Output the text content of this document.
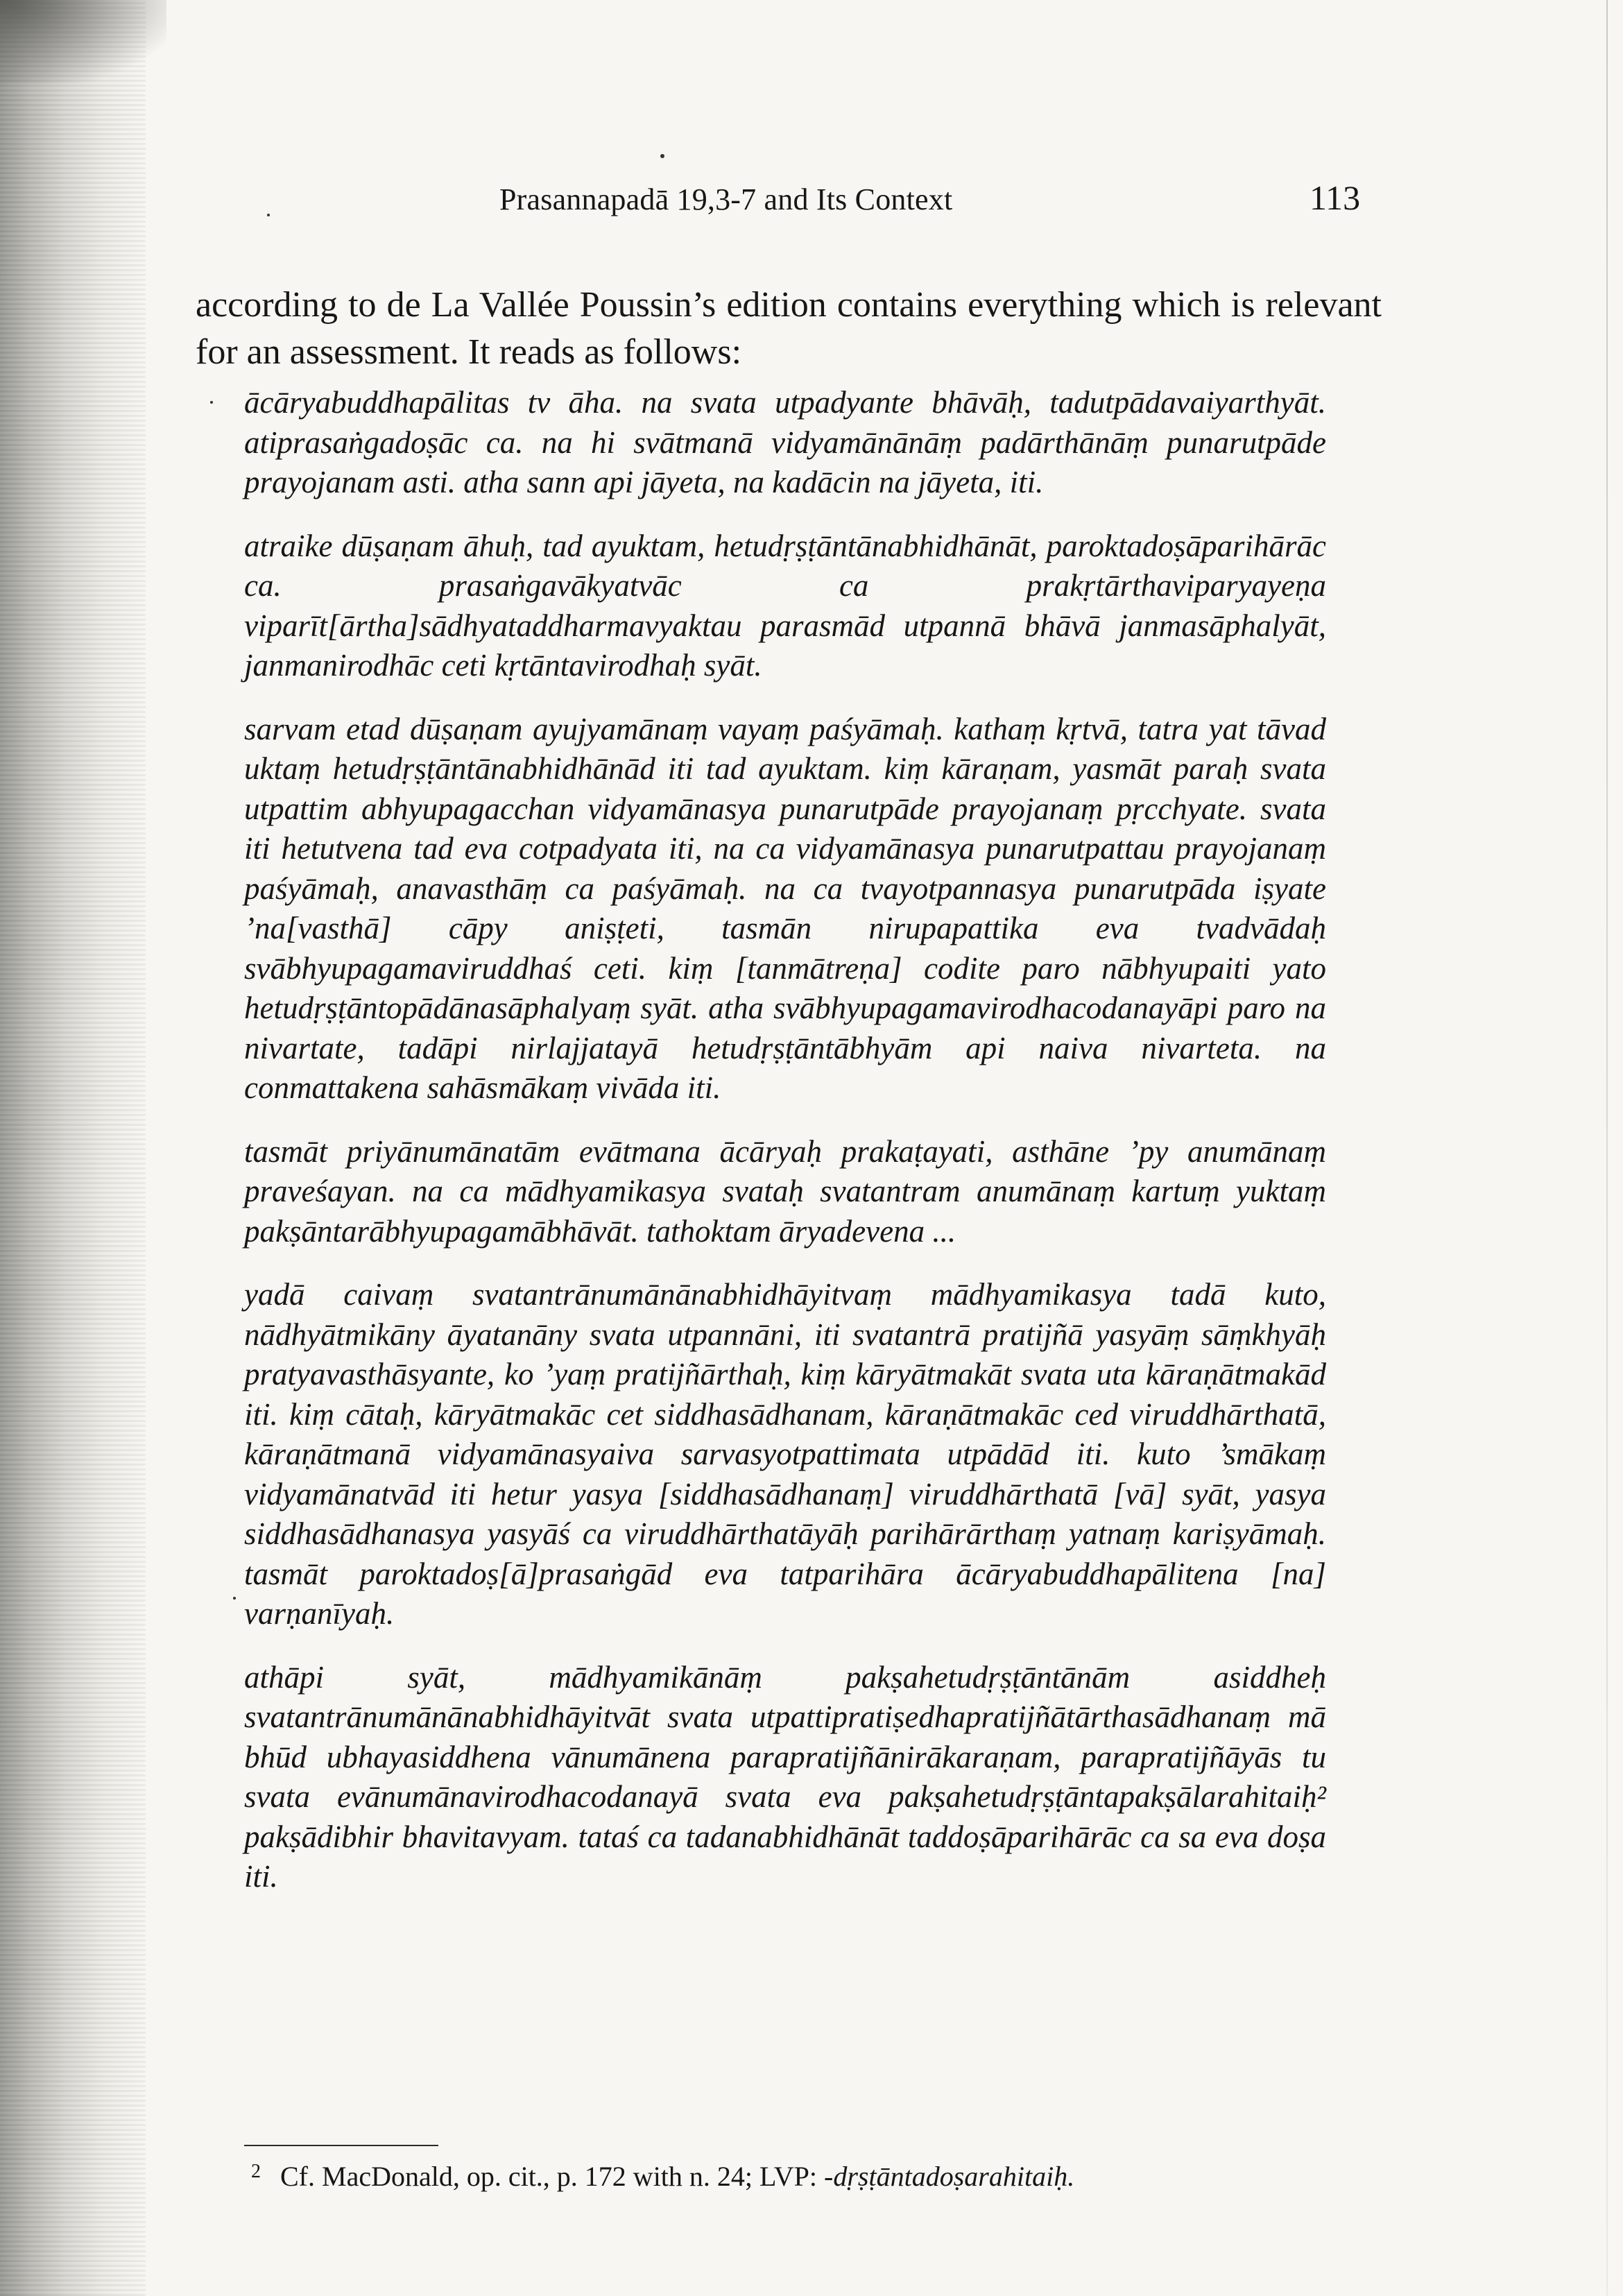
Prasannapadā 19,3-7 and Its Context	113

according to de La Vallée Poussin’s edition contains everything which is relevant for an assessment. It reads as follows:

ācāryabuddhapālitas tv āha. na svata utpadyante bhāvāḥ, tadutpādavaiyarthyāt. atiprasaṅgadoṣāc ca. na hi svātmanā vidyamānānāṃ padārthānāṃ punarutpāde prayojanam asti. atha sann api jāyeta, na kadācin na jāyeta, iti.

atraike dūṣaṇam āhuḥ, tad ayuktam, hetudṛṣṭāntānabhidhānāt, paroktadoṣāparihārāc ca. prasaṅgavākyatvāc ca prakṛtārthaviparyayeṇa viparīt[ārtha]sādhyataddharmavyaktau parasmād utpannā bhāvā janmasāphalyāt, janmanirodhāc ceti kṛtāntavirodhaḥ syāt.

sarvam etad dūṣaṇam ayujyamānaṃ vayaṃ paśyāmaḥ. kathaṃ kṛtvā, tatra yat tāvad uktaṃ hetudṛṣṭāntānabhidhānād iti tad ayuktam. kiṃ kāraṇam, yasmāt paraḥ svata utpattim abhyupagacchan vidyamānasya punarutpāde prayojanaṃ pṛcchyate. svata iti hetutvena tad eva cotpadyata iti, na ca vidyamānasya punarutpattau prayojanaṃ paśyāmaḥ, anavasthāṃ ca paśyāmaḥ. na ca tvayotpannasya punarutpāda iṣyate ’na[vasthā] cāpy aniṣṭeti, tasmān nirupapattika eva tvadvādaḥ svābhyupagamaviruddhaś ceti. kiṃ [tanmātreṇa] codite paro nābhyupaiti yato hetudṛṣṭāntopādānasāphalyaṃ syāt. atha svābhyupagamavirodhacodanayāpi paro na nivartate, tadāpi nirlajjatayā hetudṛṣṭāntābhyām api naiva nivarteta. na conmattakena sahāsmākaṃ vivāda iti.

tasmāt priyānumānatām evātmana ācāryaḥ prakaṭayati, asthāne ’py anumānaṃ praveśayan. na ca mādhyamikasya svataḥ svatantram anumānaṃ kartuṃ yuktaṃ pakṣāntarābhyupagamābhāvāt. tathoktam āryadevena ...

yadā caivaṃ svatantrānumānānabhidhāyitvaṃ mādhyamikasya tadā kuto, nādhyātmikāny āyatanāny svata utpannāni, iti svatantrā pratijñā yasyāṃ sāṃkhyāḥ pratyavasthāsyante, ko ’yaṃ pratijñārthaḥ, kiṃ kāryātmakāt svata uta kāraṇātmakād iti. kiṃ cātaḥ, kāryātmakāc cet siddhasādhanam, kāraṇātmakāc ced viruddhārthatā, kāraṇātmanā vidyamānasyaiva sarvasyotpattimata utpādād iti. kuto ’smākaṃ vidyamānatvād iti hetur yasya [siddhasādhanaṃ] viruddhārthatā [vā] syāt, yasya siddhasādhanasya yasyāś ca viruddhārthatāyāḥ parihārārthaṃ yatnaṃ kariṣyāmaḥ. tasmāt paroktadoṣ[ā]prasaṅgād eva tatparihāra ācāryabuddhapālitena [na] varṇanīyaḥ.

athāpi syāt, mādhyamikānāṃ pakṣahetudṛṣṭāntānām asiddheḥ svatantrānumānānabhidhāyitvāt svata utpattipratiṣedhapratijñātārthasādhanaṃ mā bhūd ubhayasiddhena vānumānena parapratijñānirākaraṇam, parapratijñāyās tu svata evānumānavirodhacodanayā svata eva pakṣahetudṛṣṭāntapakṣālarahitaiḥ² pakṣādibhir bhavitavyam. tataś ca tadanabhidhānāt taddoṣāparihārāc ca sa eva doṣa iti.

$^2$ Cf. MacDonald, op. cit., p. 172 with n. 24; LVP: -dṛṣṭāntadoṣarahitaiḥ.
